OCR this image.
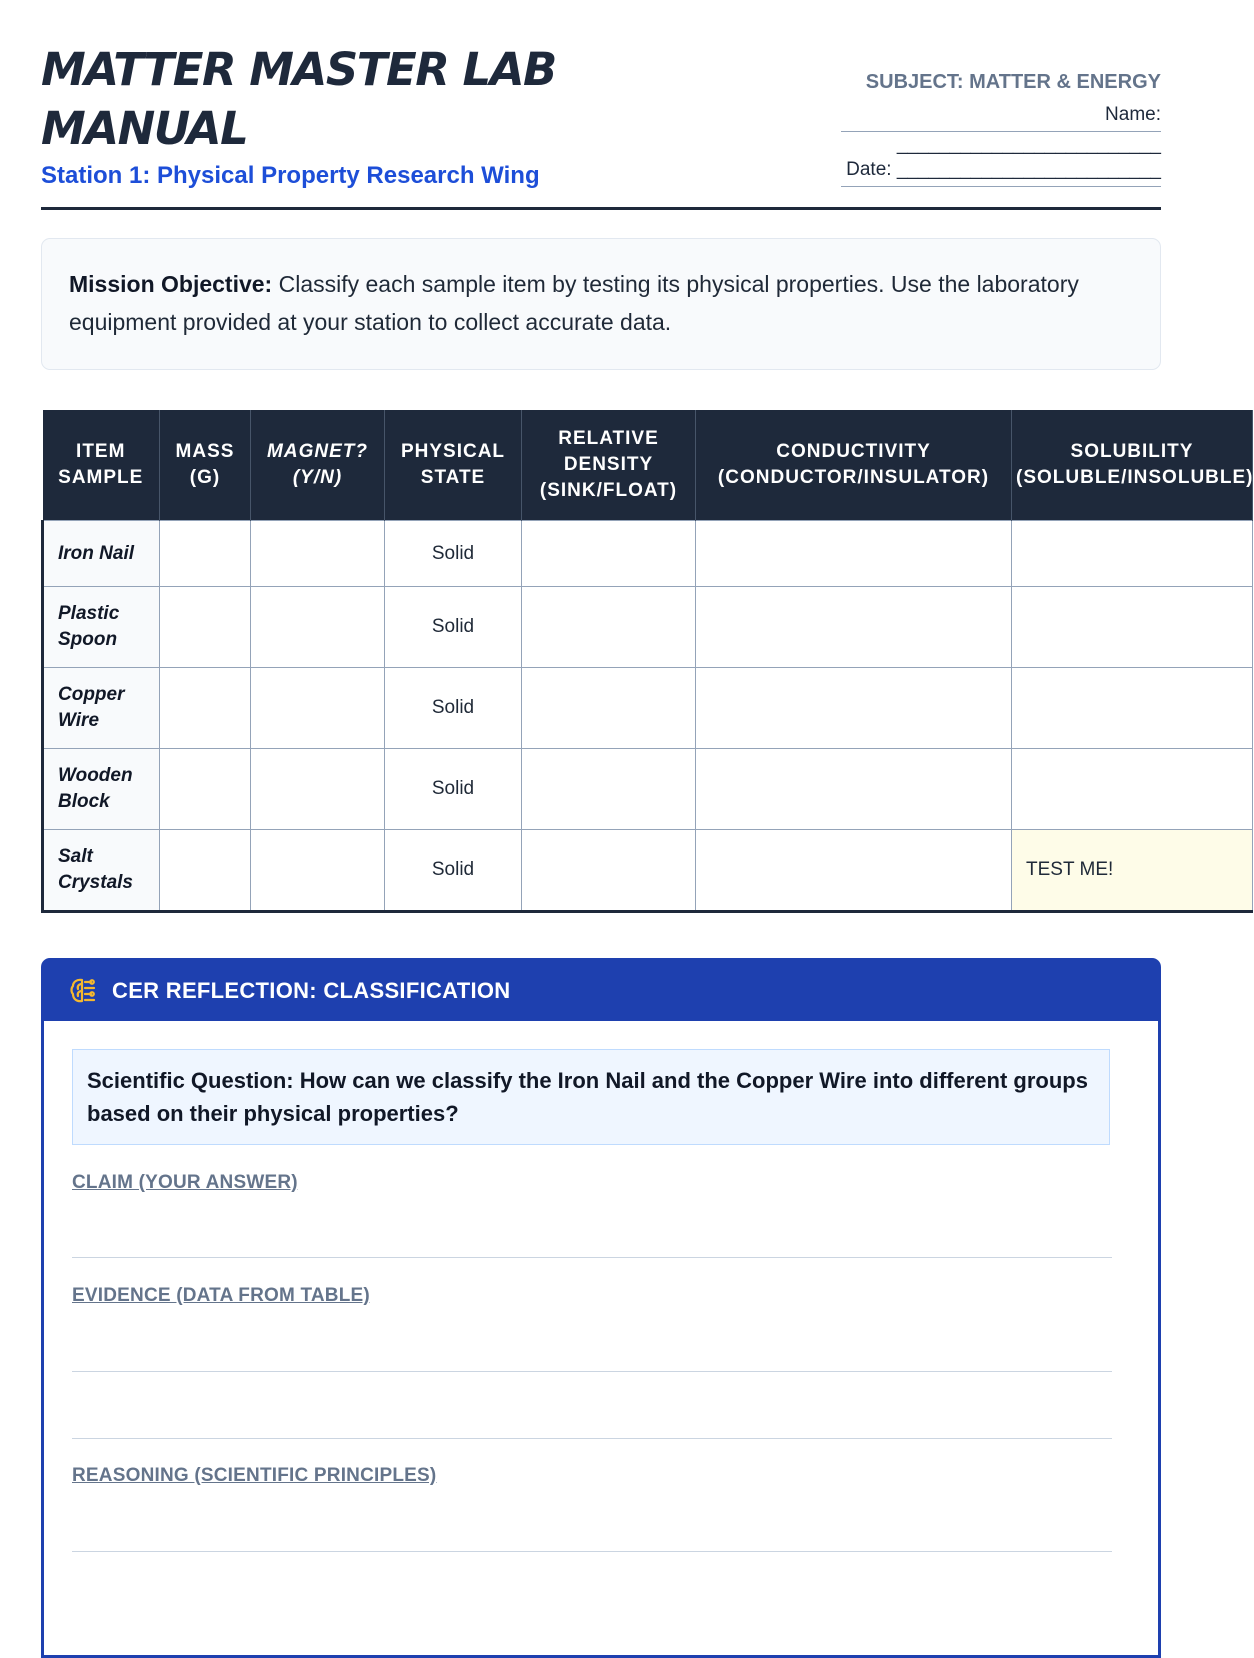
MATTER MASTER LAB MANUAL
Station 1: Physical Property Research Wing
SUBJECT: MATTER & ENERGY
Name: _________________________ Date: _________________________
Mission Objective: Classify each sample item by testing its physical properties. Use the laboratory equipment provided at your station to collect accurate data.
ITEM SAMPLE	MASS (G)	MAGNET? (Y/N)	PHYSICAL STATE	RELATIVE DENSITY (SINK/FLOAT)	CONDUCTIVITY (CONDUCTOR/INSULATOR)	SOLUBILITY (SOLUBLE/INSOLUBLE)
Iron Nail			Solid			
Plastic Spoon			Solid			
Copper Wire			Solid			
Wooden Block			Solid			
Salt Crystals			Solid			TEST ME!
CER REFLECTION: CLASSIFICATION
Scientific Question: How can we classify the Iron Nail and the Copper Wire into different groups based on their physical properties?
CLAIM (YOUR ANSWER)
EVIDENCE (DATA FROM TABLE)
REASONING (SCIENTIFIC PRINCIPLES)
